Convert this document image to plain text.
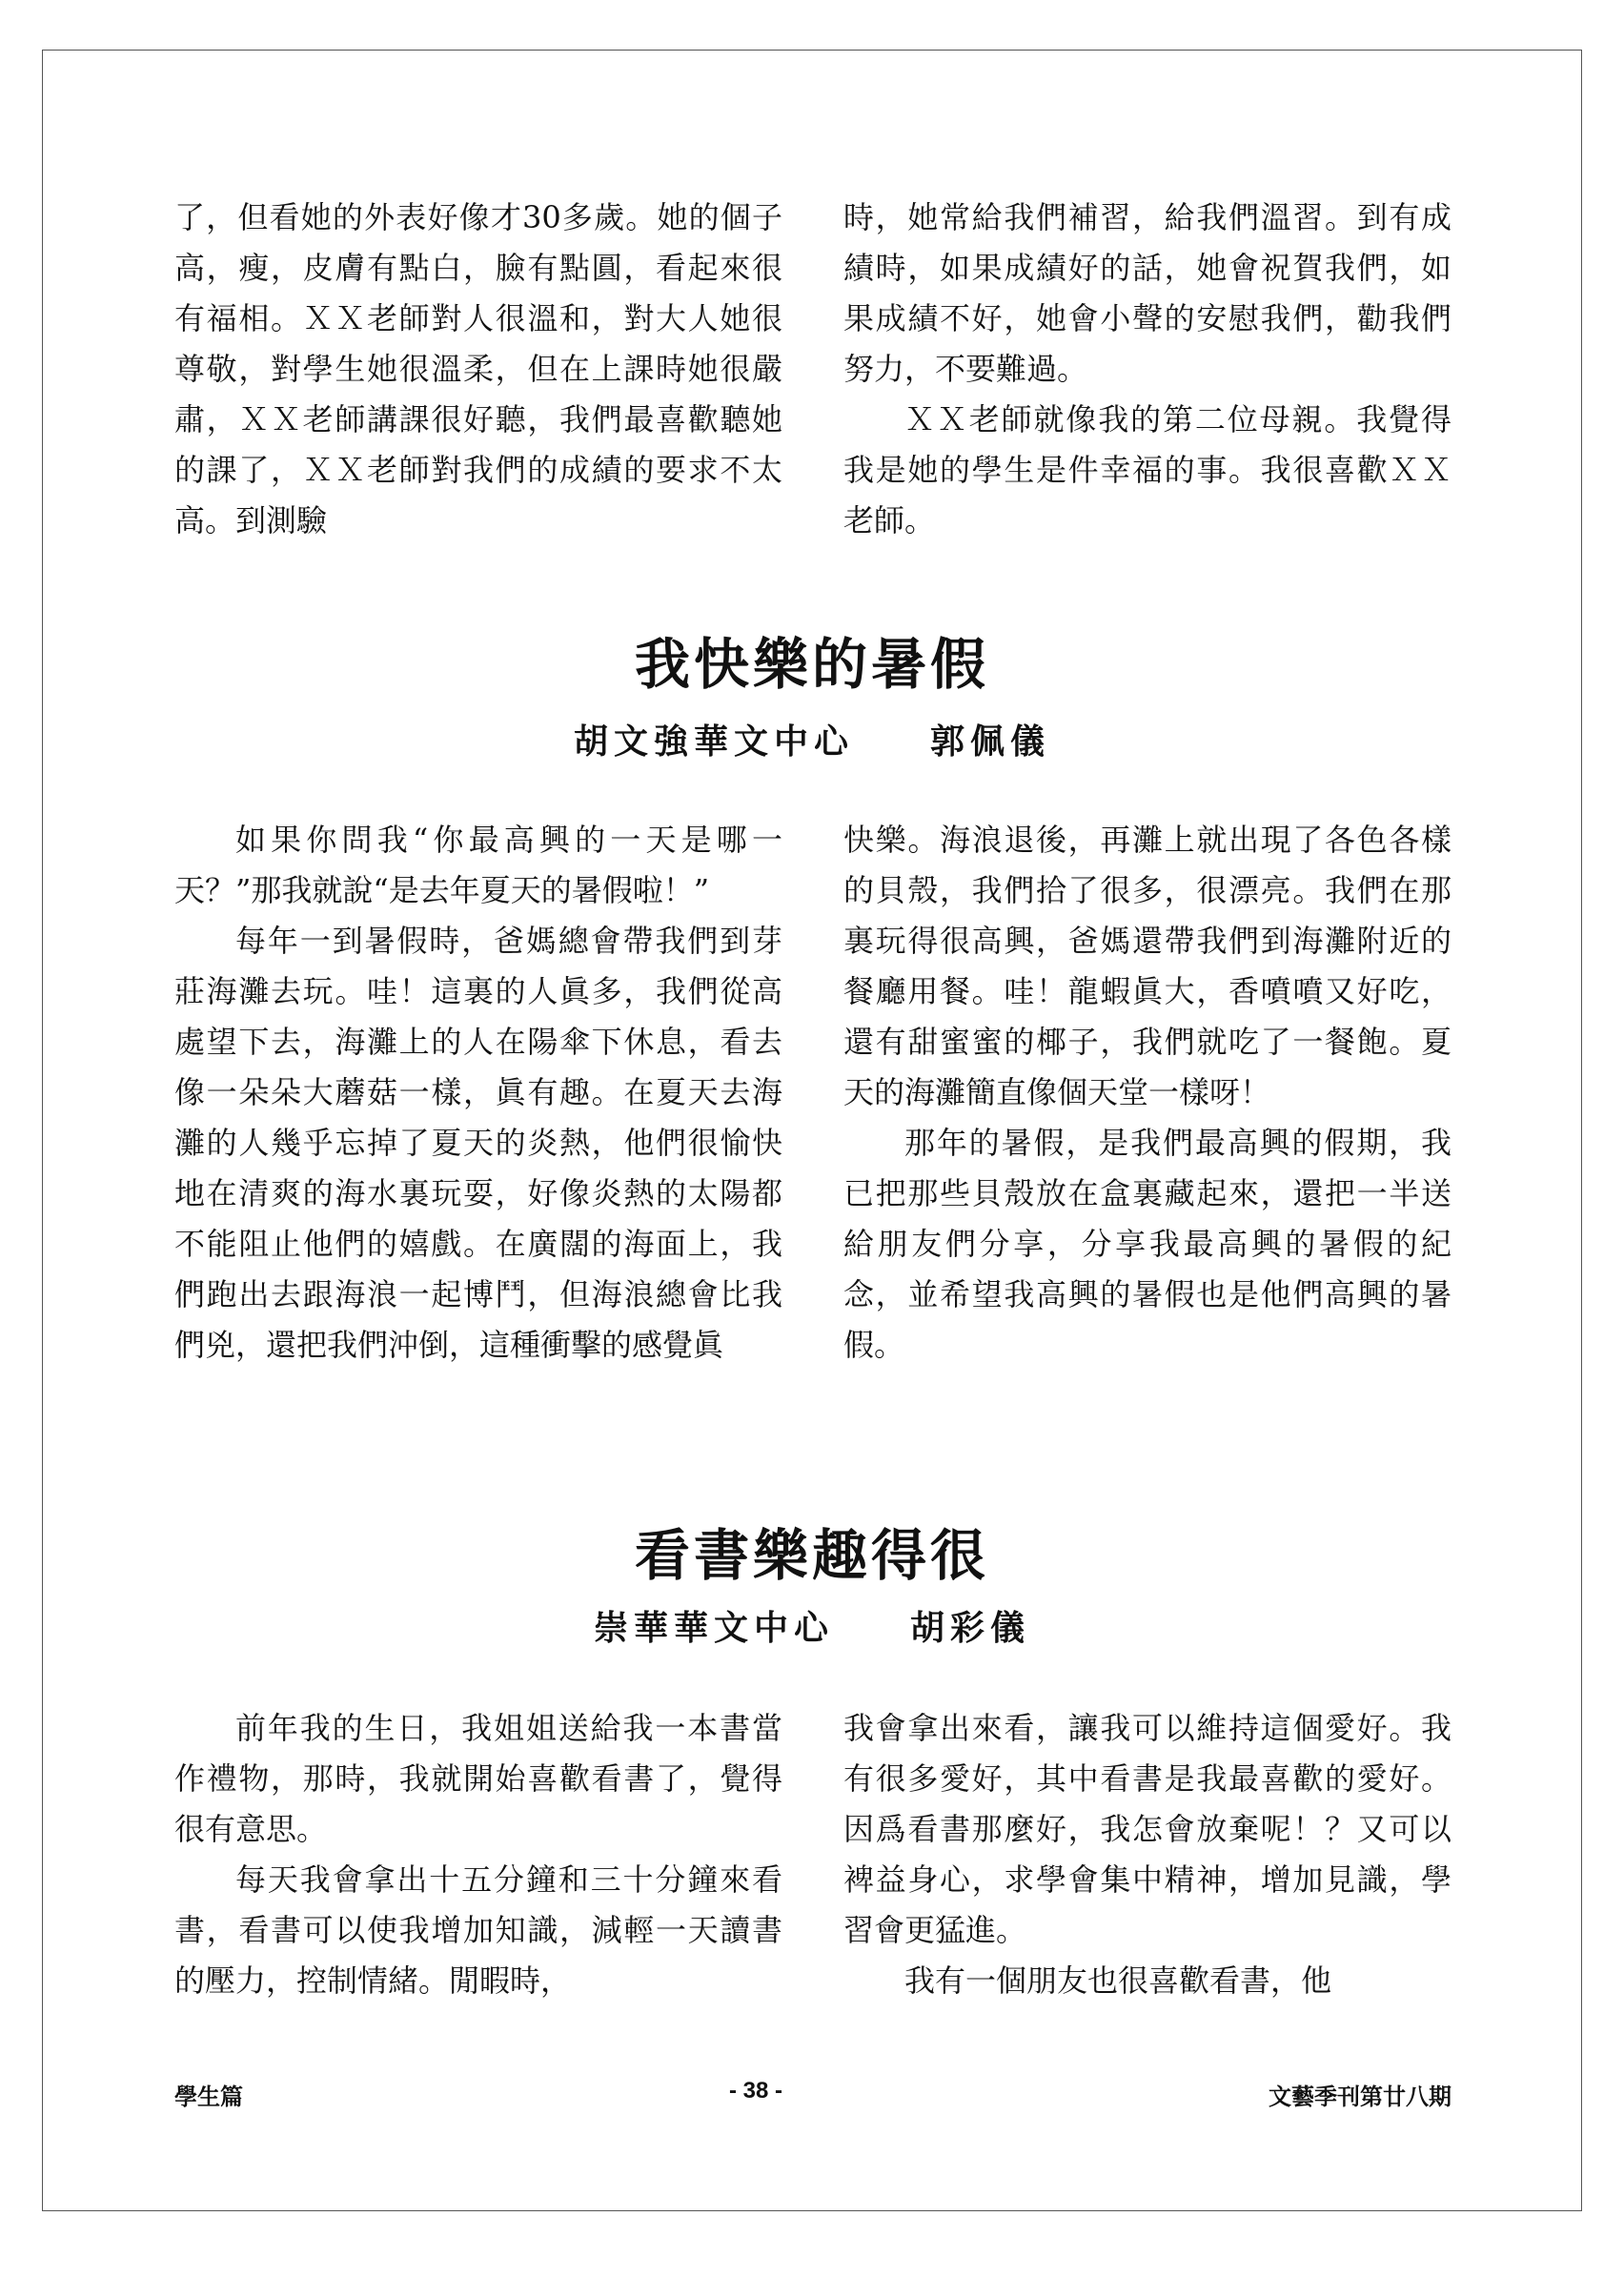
了，但看她的外表好像才30多歲。她的個子高，瘦，皮膚有點白，臉有點圓，看起來很有福相。ＸＸ老師對人很溫和，對大人她很尊敬，對學生她很溫柔，但在上課時她很嚴肅，ＸＸ老師講課很好聽，我們最喜歡聽她的課了，ＸＸ老師對我們的成績的要求不太高。到測驗

時，她常給我們補習，給我們溫習。到有成績時，如果成績好的話，她會祝賀我們，如果成績不好，她會小聲的安慰我們，勸我們努力，不要難過。

ＸＸ老師就像我的第二位母親。我覺得我是她的學生是件幸福的事。我很喜歡ＸＸ老師。

我快樂的暑假
胡文強華文中心 郭佩儀

如果你問我“你最高興的一天是哪一天？”那我就說“是去年夏天的暑假啦！”

每年一到暑假時，爸媽總會帶我們到芽莊海灘去玩。哇！這裏的人眞多，我們從高處望下去，海灘上的人在陽傘下休息，看去像一朵朵大蘑菇一樣，眞有趣。在夏天去海灘的人幾乎忘掉了夏天的炎熱，他們很愉快地在清爽的海水裏玩耍，好像炎熱的太陽都不能阻止他們的嬉戲。在廣闊的海面上，我們跑出去跟海浪一起博鬥，但海浪總會比我們兇，還把我們沖倒，這種衝擊的感覺眞

快樂。海浪退後，再灘上就出現了各色各樣的貝殼，我們拾了很多，很漂亮。我們在那裏玩得很高興，爸媽還帶我們到海灘附近的餐廳用餐。哇！龍蝦眞大，香噴噴又好吃，還有甜蜜蜜的椰子，我們就吃了一餐飽。夏天的海灘簡直像個天堂一樣呀！

那年的暑假，是我們最高興的假期，我已把那些貝殼放在盒裏藏起來，還把一半送給朋友們分享，分享我最高興的暑假的紀念，並希望我高興的暑假也是他們高興的暑假。

看書樂趣得很
崇華華文中心 胡彩儀

前年我的生日，我姐姐送給我一本書當作禮物，那時，我就開始喜歡看書了，覺得很有意思。

每天我會拿出十五分鐘和三十分鐘來看書，看書可以使我增加知識，減輕一天讀書的壓力，控制情緒。閒暇時，

我會拿出來看，讓我可以維持這個愛好。我有很多愛好，其中看書是我最喜歡的愛好。因爲看書那麼好，我怎會放棄呢！？又可以裨益身心，求學會集中精神，增加見識，學習會更猛進。

我有一個朋友也很喜歡看書，他

學生篇	- 38 -	文藝季刊第廿八期
